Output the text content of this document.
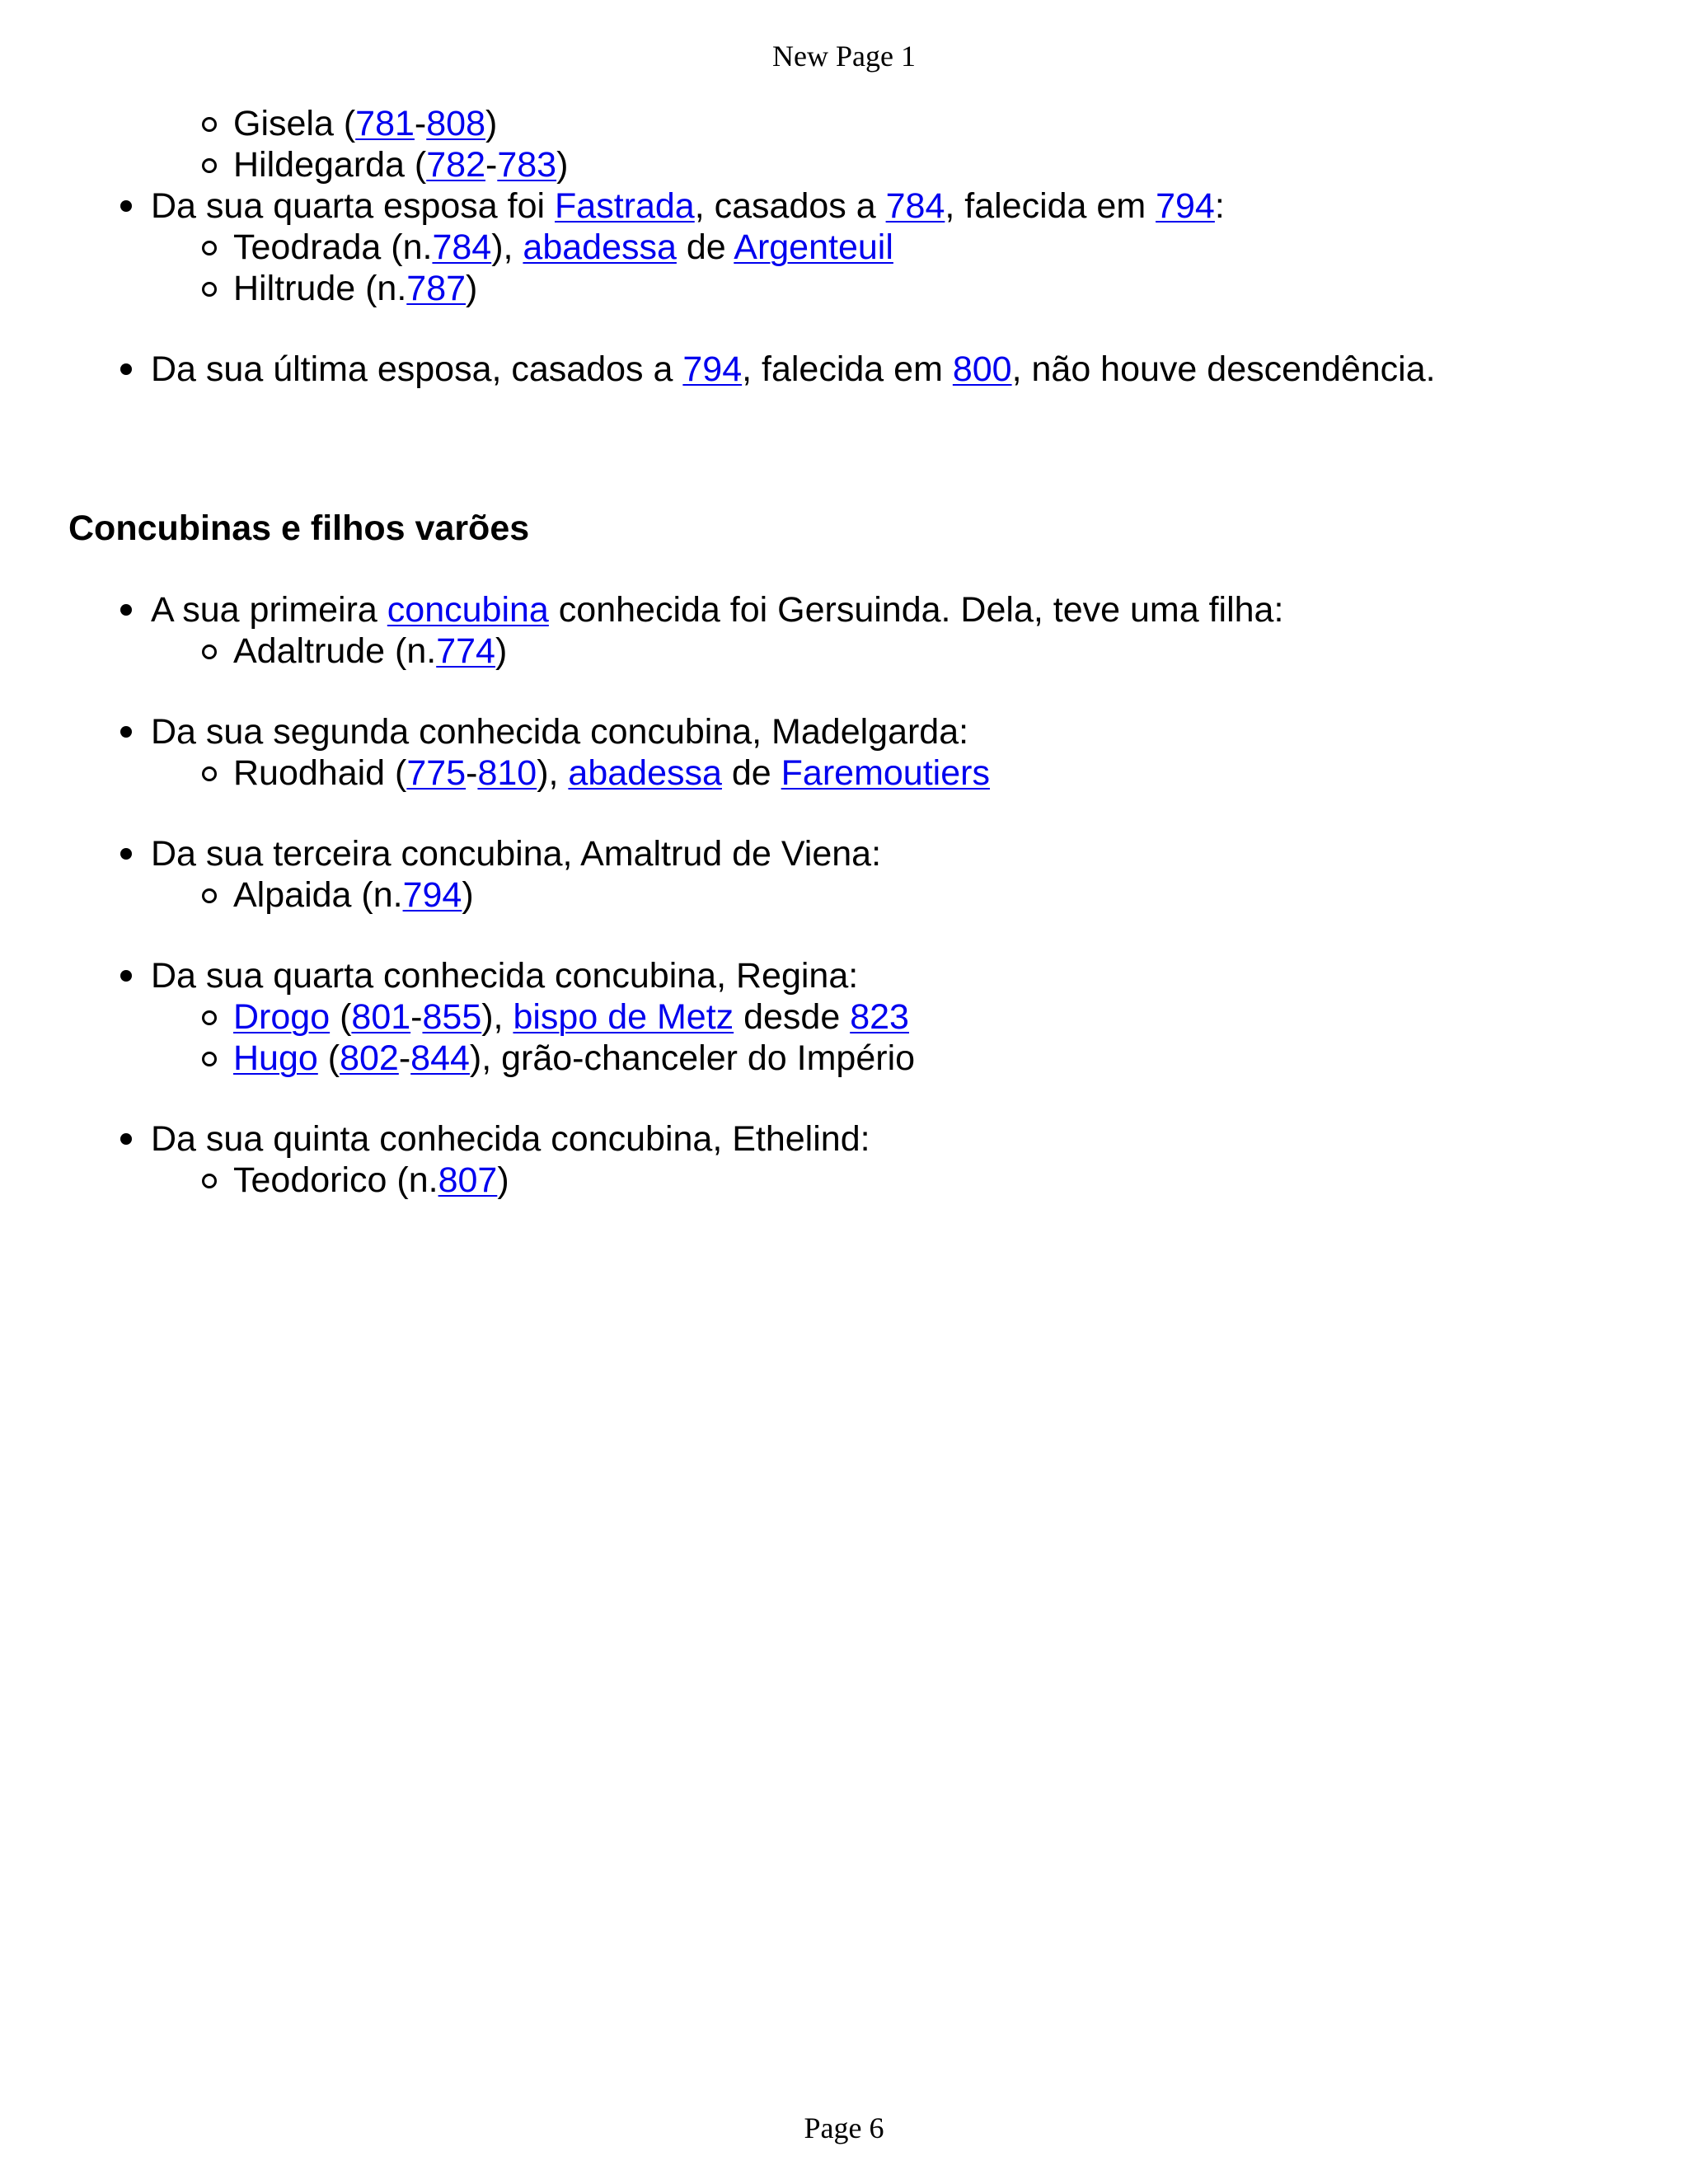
New Page 1
Gisela (781-808)
Hildegarda (782-783)
Da sua quarta esposa foi Fastrada, casados a 784, falecida em 794:
Teodrada (n.784), abadessa de Argenteuil
Hiltrude (n.787)
Da sua última esposa, casados a 794, falecida em 800, não houve descendência.
Concubinas e filhos varões
A sua primeira concubina conhecida foi Gersuinda. Dela, teve uma filha:
Adaltrude (n.774)
Da sua segunda conhecida concubina, Madelgarda:
Ruodhaid (775-810), abadessa de Faremoutiers
Da sua terceira concubina, Amaltrud de Viena:
Alpaida (n.794)
Da sua quarta conhecida concubina, Regina:
Drogo (801-855), bispo de Metz desde 823
Hugo (802-844), grão-chanceler do Império
Da sua quinta conhecida concubina, Ethelind:
Teodorico (n.807)
Page 6
